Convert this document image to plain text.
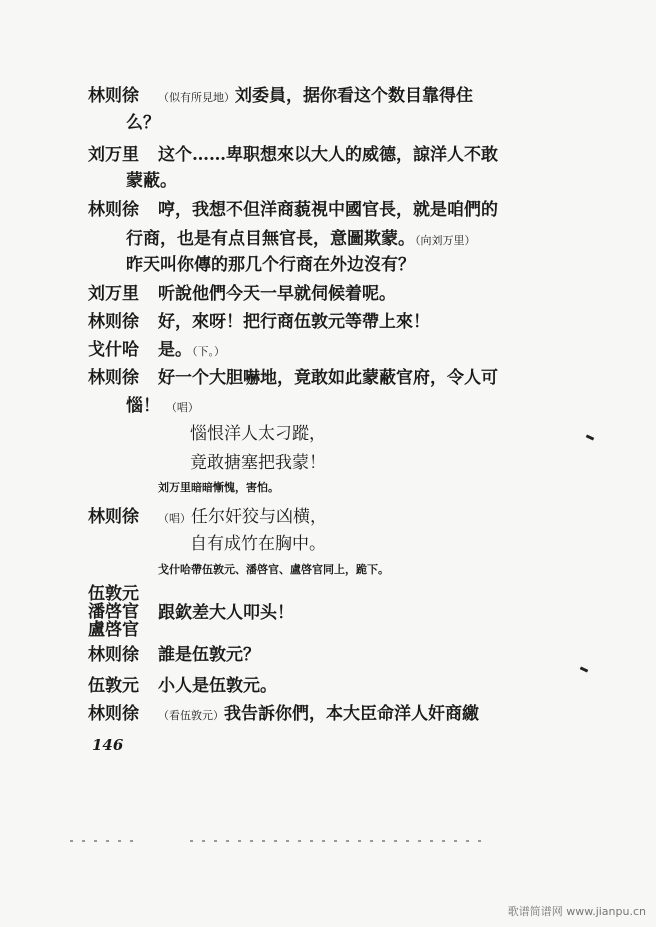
林则徐 （似有所見地）刘委員，据你看这个数目靠得住
么？
刘万里 这个……卑职想來以大人的威德，諒洋人不敢
蒙蔽。
林则徐 哼，我想不但洋商藐視中國官長，就是咱們的
行商，也是有点目無官長，意圖欺蒙。（向刘万里）
昨天叫你傳的那几个行商在外边沒有？
刘万里 听說他們今天一早就伺候着呢。
林则徐 好，來呀！把行商伍敦元等帶上來！
戈什哈 是。（下。）
林则徐 好一个大胆嚇地，竟敢如此蒙蔽官府，令人可
惱！ （唱）
惱恨洋人太刁蹤，
竟敢搪塞把我蒙！
刘万里暗暗慚愧，害怕。
林则徐 （唱）任尔奸狡与凶横，
自有成竹在胸中。
戈什哈帶伍敦元、潘啓官、盧啓官同上，跪下。
伍敦元
潘啓官
盧啓官
跟欽差大人叩头！
林则徐 誰是伍敦元？
伍敦元 小人是伍敦元。
林则徐 （看伍敦元）我告訴你們，本大臣命洋人奸商繳
146
歌谱简谱网 www.jianpu.cn
